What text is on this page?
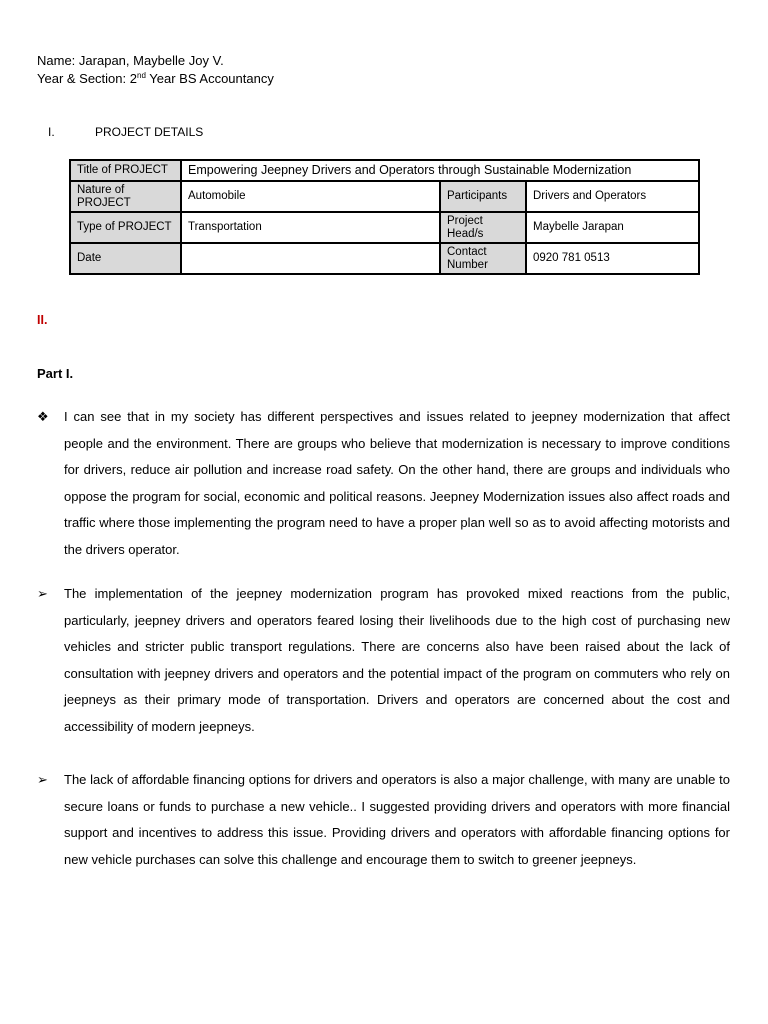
Name: Jarapan, Maybelle Joy V.
Year & Section: 2nd Year BS Accountancy
I.	PROJECT DETAILS
Title of PROJECT	Empowering Jeepney Drivers and Operators through Sustainable Modernization		
Nature of PROJECT	Automobile	Participants	Drivers and Operators
Type of PROJECT	Transportation	Project Head/s	Maybelle Jarapan
Date		Contact Number	0920 781 0513
II.
Part I.
❖ I can see that in my society has different perspectives and issues related to jeepney modernization that affect people and the environment. There are groups who believe that modernization is necessary to improve conditions for drivers, reduce air pollution and increase road safety. On the other hand, there are groups and individuals who oppose the program for social, economic and political reasons. Jeepney Modernization issues also affect roads and traffic where those implementing the program need to have a proper plan well so as to avoid affecting motorists and the drivers operator.
➢ The implementation of the jeepney modernization program has provoked mixed reactions from the public, particularly, jeepney drivers and operators feared losing their livelihoods due to the high cost of purchasing new vehicles and stricter public transport regulations. There are concerns also have been raised about the lack of consultation with jeepney drivers and operators and the potential impact of the program on commuters who rely on jeepneys as their primary mode of transportation. Drivers and operators are concerned about the cost and accessibility of modern jeepneys.
➢ The lack of affordable financing options for drivers and operators is also a major challenge, with many are unable to secure loans or funds to purchase a new vehicle.. I suggested providing drivers and operators with more financial support and incentives to address this issue. Providing drivers and operators with affordable financing options for new vehicle purchases can solve this challenge and encourage them to switch to greener jeepneys.
